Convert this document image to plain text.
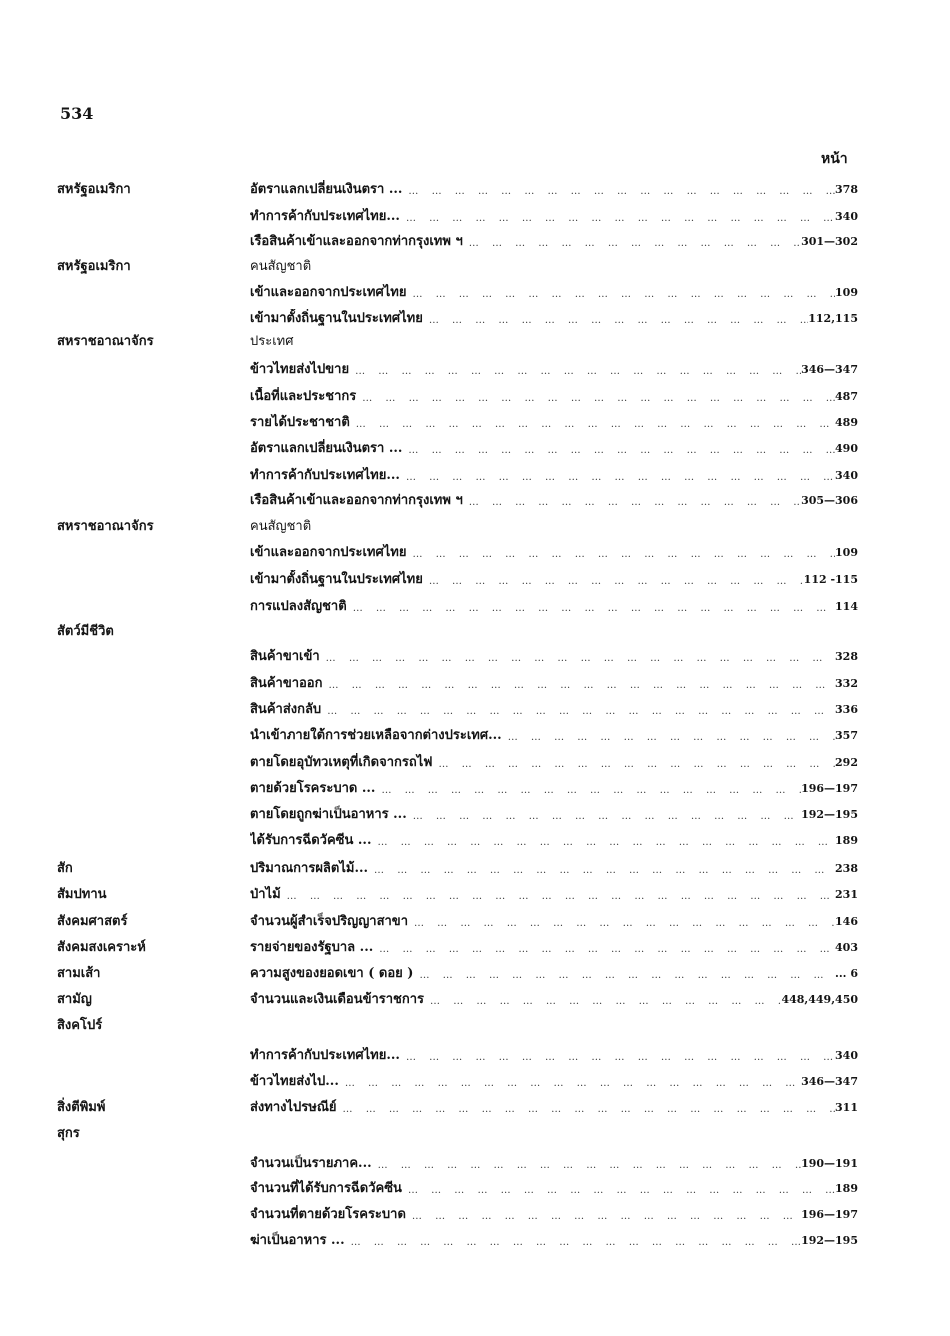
534
หน้า
สหรัฐอเมริกา	อัตราแลกเปลี่ยนเงินตรา ... … … … … … … … … … … … … … … … … … … … … … … … … … … … … … … … … … … … … … … …	378
ทำการค้ากับประเทศไทย... … … … … … … … … … … … … … … … … … … … … … … … … … … … … … … … … … … … … … … …	340
เรือสินค้าเข้าและออกจากท่ากรุงเทพ ฯ … … … … … … … … … … … … … … … … … … … … … … … … … … … … … … … … … … … … … … …	301—302
สหรัฐอเมริกา	คนสัญชาติ
เข้าและออกจากประเทศไทย … … … … … … … … … … … … … … … … … … … … … … … … … … … … … … … … … … … … … … …	109
เข้ามาตั้งถิ่นฐานในประเทศไทย … … … … … … … … … … … … … … … … … … … … … … … … … … … … … … … … … … … … … … …	112,115
สหราชอาณาจักร	ประเทศ
ข้าวไทยส่งไปขาย … … … … … … … … … … … … … … … … … … … … … … … … … … … … … … … … … … … … … … …	346—347
เนื้อที่และประชากร … … … … … … … … … … … … … … … … … … … … … … … … … … … … … … … … … … … … … … …	487
รายได้ประชาชาติ … … … … … … … … … … … … … … … … … … … … … … … … … … … … … … … … … … … … … … …	489
อัตราแลกเปลี่ยนเงินตรา ... … … … … … … … … … … … … … … … … … … … … … … … … … … … … … … … … … … … … … … …	490
ทำการค้ากับประเทศไทย... … … … … … … … … … … … … … … … … … … … … … … … … … … … … … … … … … … … … … … …	340
เรือสินค้าเข้าและออกจากท่ากรุงเทพ ฯ … … … … … … … … … … … … … … … … … … … … … … … … … … … … … … … … … … … … … … …	305—306
สหราชอาณาจักร	คนสัญชาติ
เข้าและออกจากประเทศไทย … … … … … … … … … … … … … … … … … … … … … … … … … … … … … … … … … … … … … … …	109
เข้ามาตั้งถิ่นฐานในประเทศไทย … … … … … … … … … … … … … … … … … … … … … … … … … … … … … … … … … … … … … … …	112 -115
การแปลงสัญชาติ … … … … … … … … … … … … … … … … … … … … … … … … … … … … … … … … … … … … … … …	114
สัตว์มีชีวิต
สินค้าขาเข้า … … … … … … … … … … … … … … … … … … … … … … … … … … … … … … … … … … … … … … …	328
สินค้าขาออก … … … … … … … … … … … … … … … … … … … … … … … … … … … … … … … … … … … … … … …	332
สินค้าส่งกลับ … … … … … … … … … … … … … … … … … … … … … … … … … … … … … … … … … … … … … … …	336
นำเข้าภายใต้การช่วยเหลือจากต่างประเทศ... … … … … … … … … … … … … … … … … … … … … … … … … … … … … … … … … … … … … … … …	357
ตายโดยอุบัทวเหตุที่เกิดจากรถไฟ … … … … … … … … … … … … … … … … … … … … … … … … … … … … … … … … … … … … … … …	292
ตายด้วยโรคระบาด ... … … … … … … … … … … … … … … … … … … … … … … … … … … … … … … … … … … … … … … …	196—197
ตายโดยถูกฆ่าเป็นอาหาร ... … … … … … … … … … … … … … … … … … … … … … … … … … … … … … … … … … … … … … … …	192—195
ได้รับการฉีดวัคซีน ... … … … … … … … … … … … … … … … … … … … … … … … … … … … … … … … … … … … … … … …	189
สัก	ปริมาณการผลิตไม้... … … … … … … … … … … … … … … … … … … … … … … … … … … … … … … … … … … … … … … …	238
สัมปทาน	ป่าไม้ … … … … … … … … … … … … … … … … … … … … … … … … … … … … … … … … … … … … … … …	231
สังคมศาสตร์	จำนวนผู้สำเร็จปริญญาสาขา … … … … … … … … … … … … … … … … … … … … … … … … … … … … … … … … … … … … … … …	146
สังคมสงเคราะห์	รายจ่ายของรัฐบาล ... … … … … … … … … … … … … … … … … … … … … … … … … … … … … … … … … … … … … … … …	403
สามเส้า	ความสูงของยอดเขา ( ดอย ) … … … … … … … … … … … … … … … … … … … … … … … … … … … … … … … … … … … … … … …	... 6
สามัญ	จำนวนและเงินเดือนข้าราชการ … … … … … … … … … … … … … … … … … … … … … … … … … … … … … … … … … … … … … … …	448,449,450
สิงคโปร์
ทำการค้ากับประเทศไทย... … … … … … … … … … … … … … … … … … … … … … … … … … … … … … … … … … … … … … … …	340
ข้าวไทยส่งไป... … … … … … … … … … … … … … … … … … … … … … … … … … … … … … … … … … … … … … … …	346—347
สิ่งตีพิมพ์	ส่งทางไปรษณีย์ … … … … … … … … … … … … … … … … … … … … … … … … … … … … … … … … … … … … … … …	311
สุกร
จำนวนเป็นรายภาค... … … … … … … … … … … … … … … … … … … … … … … … … … … … … … … … … … … … … … … …	190—191
จำนวนที่ได้รับการฉีดวัคซีน … … … … … … … … … … … … … … … … … … … … … … … … … … … … … … … … … … … … … … …	189
จำนวนที่ตายด้วยโรคระบาด … … … … … … … … … … … … … … … … … … … … … … … … … … … … … … … … … … … … … … …	196—197
ฆ่าเป็นอาหาร ... … … … … … … … … … … … … … … … … … … … … … … … … … … … … … … … … … … … … … … …	192—195
